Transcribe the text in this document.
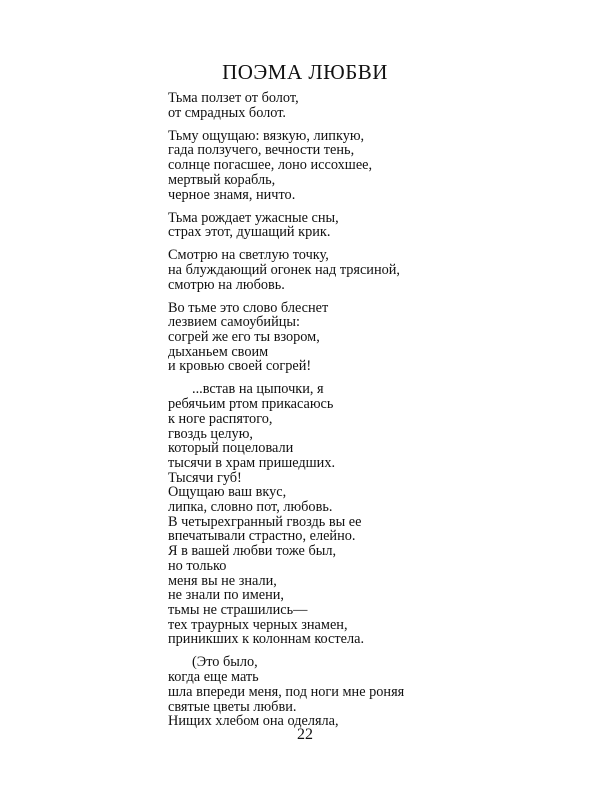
ПОЭМА ЛЮБВИ
Тьма ползет от болот,
от смрадных болот.
Тьму ощущаю: вязкую, липкую,
гада ползучего, вечности тень,
солнце погасшее, лоно иссохшее,
мертвый корабль,
черное знамя, ничто.
Тьма рождает ужасные сны,
страх этот, душащий крик.
Смотрю на светлую точку,
на блуждающий огонек над трясиной,
смотрю на любовь.
Во тьме это слово блеснет
лезвием самоубийцы:
согрей же его ты взором,
дыханьем своим
и кровью своей согрей!
...встав на цыпочки, я
ребячьим ртом прикасаюсь
к ноге распятого,
гвоздь целую,
который поцеловали
тысячи в храм пришедших.
Тысячи губ!
Ощущаю ваш вкус,
липка, словно пот, любовь.
В четырехгранный гвоздь вы ее
впечатывали страстно, елейно.
Я в вашей любви тоже был,
но только
меня вы не знали,
не знали по имени,
тьмы не страшились—
тех траурных черных знамен,
приникших к колоннам костела.
(Это было,
когда еще мать
шла впереди меня, под ноги мне роняя
святые цветы любви.
Нищих хлебом она оделяла,
22
